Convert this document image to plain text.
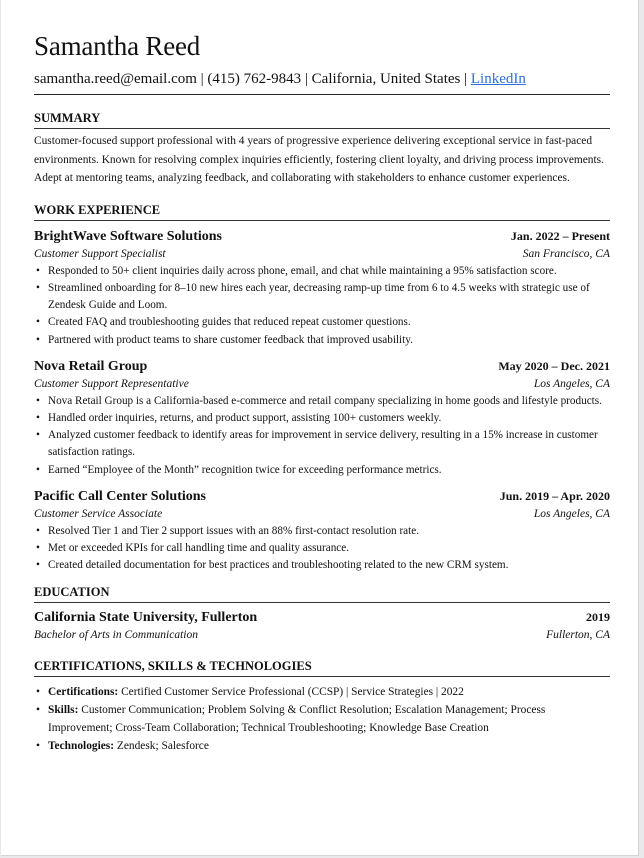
Samantha Reed
samantha.reed@email.com | (415) 762-9843 | California, United States | LinkedIn
SUMMARY
Customer-focused support professional with 4 years of progressive experience delivering exceptional service in fast-paced environments. Known for resolving complex inquiries efficiently, fostering client loyalty, and driving process improvements. Adept at mentoring teams, analyzing feedback, and collaborating with stakeholders to enhance customer experiences.
WORK EXPERIENCE
BrightWave Software Solutions	Jan. 2022 – Present
Customer Support Specialist	San Francisco, CA
• Responded to 50+ client inquiries daily across phone, email, and chat while maintaining a 95% satisfaction score.
• Streamlined onboarding for 8–10 new hires each year, decreasing ramp-up time from 6 to 4.5 weeks with strategic use of Zendesk Guide and Loom.
• Created FAQ and troubleshooting guides that reduced repeat customer questions.
• Partnered with product teams to share customer feedback that improved usability.
Nova Retail Group	May 2020 – Dec. 2021
Customer Support Representative	Los Angeles, CA
• Nova Retail Group is a California-based e-commerce and retail company specializing in home goods and lifestyle products.
• Handled order inquiries, returns, and product support, assisting 100+ customers weekly.
• Analyzed customer feedback to identify areas for improvement in service delivery, resulting in a 15% increase in customer satisfaction ratings.
• Earned “Employee of the Month” recognition twice for exceeding performance metrics.
Pacific Call Center Solutions	Jun. 2019 – Apr. 2020
Customer Service Associate	Los Angeles, CA
• Resolved Tier 1 and Tier 2 support issues with an 88% first-contact resolution rate.
• Met or exceeded KPIs for call handling time and quality assurance.
• Created detailed documentation for best practices and troubleshooting related to the new CRM system.
EDUCATION
California State University, Fullerton	2019
Bachelor of Arts in Communication	Fullerton, CA
CERTIFICATIONS, SKILLS & TECHNOLOGIES
• Certifications: Certified Customer Service Professional (CCSP) | Service Strategies | 2022
• Skills: Customer Communication; Problem Solving & Conflict Resolution; Escalation Management; Process Improvement; Cross-Team Collaboration; Technical Troubleshooting; Knowledge Base Creation
• Technologies: Zendesk; Salesforce
